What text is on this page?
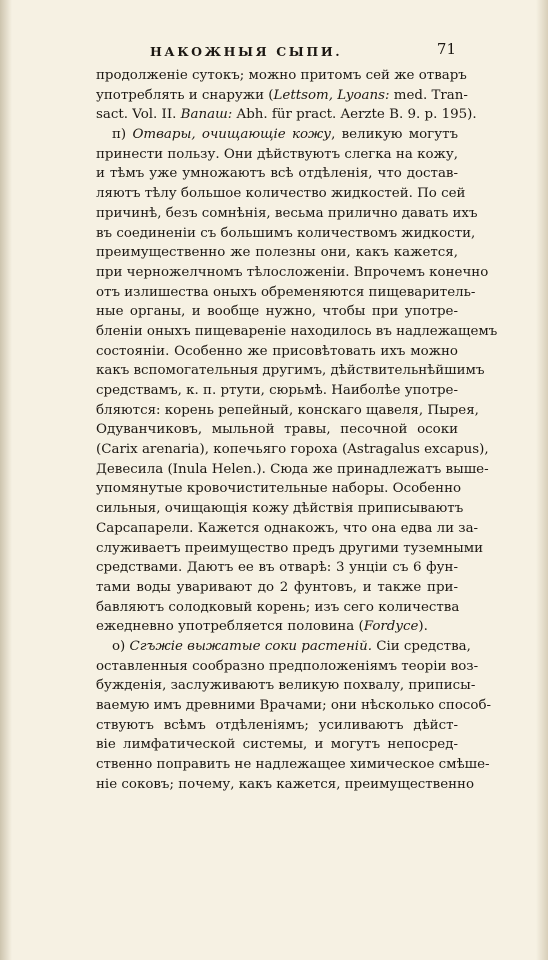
НАКОЖНЫЯ СЫПИ.	71
продолженіе сутокъ; можно притомъ сей же отваръ
употреблять и снаружи (Lettsom, Lyoans: med. Tran-
sact. Vol. II. Вапаш: Abh. für pract. Aerzte B. 9. p. 195).
п) Отвары, очищающіе кожу, великую могутъ
принести пользу. Они дѣйствуютъ слегка на кожу,
и тѣмъ уже умножаютъ всѣ отдѣленія, что достав-
ляютъ тѣлу большое количество жидкостей. По сей
причинѣ, безъ сомнѣнія, весьма прилично давать ихъ
въ соединеніи съ большимъ количествомъ жидкости,
преимущественно же полезны они, какъ кажется,
при черножелчномъ тѣлосложеніи. Впрочемъ конечно
отъ излишества оныхъ обременяются пищеваритель-
ные органы, и вообще нужно, чтобы при употре-
бленіи оныхъ пищевареніе находилось въ надлежащемъ
состояніи. Особенно же присовѣтовать ихъ можно
какъ вспомогательныя другимъ, дѣйствительнѣйшимъ
средствамъ, к. п. ртути, сюрьмѣ. Наиболѣе употре-
бляются: корень репейный, конскаго щавеля, Пырея,
Одуванчиковъ, мыльной травы, песочной осоки
(Carix arenaria), копечьяго гороха (Astragalus excapus),
Девесила (Inula Helen.). Сюда же принадлежатъ выше-
упомянутые кровочистительные наборы. Особенно
сильныя, очищающія кожу дѣйствія приписываютъ
Сарсапарели. Кажется однакожъ, что она едва ли за-
служиваетъ преимущество предъ другими туземными
средствами. Даютъ ее въ отварѣ: 3 унціи съ 6 фун-
тами воды уваривают до 2 фунтовъ, и также при-
бавляютъ солодковый корень; изъ сего количества
ежедневно употребляется половина (Fordyce).
о) Сгъжіе выжатые соки растеній. Сіи средства,
оставленныя сообразно предположеніямъ теоріи воз-
бужденія, заслуживаютъ великую похвалу, приписы-
ваемую имъ древними Врачами; они нѣсколько способ-
ствуютъ всѣмъ отдѣленіямъ; усиливаютъ дѣйст-
віе лимфатической системы, и могутъ непосред-
ственно поправить не надлежащее химическое смѣше-
ніе соковъ; почему, какъ кажется, преимущественно
